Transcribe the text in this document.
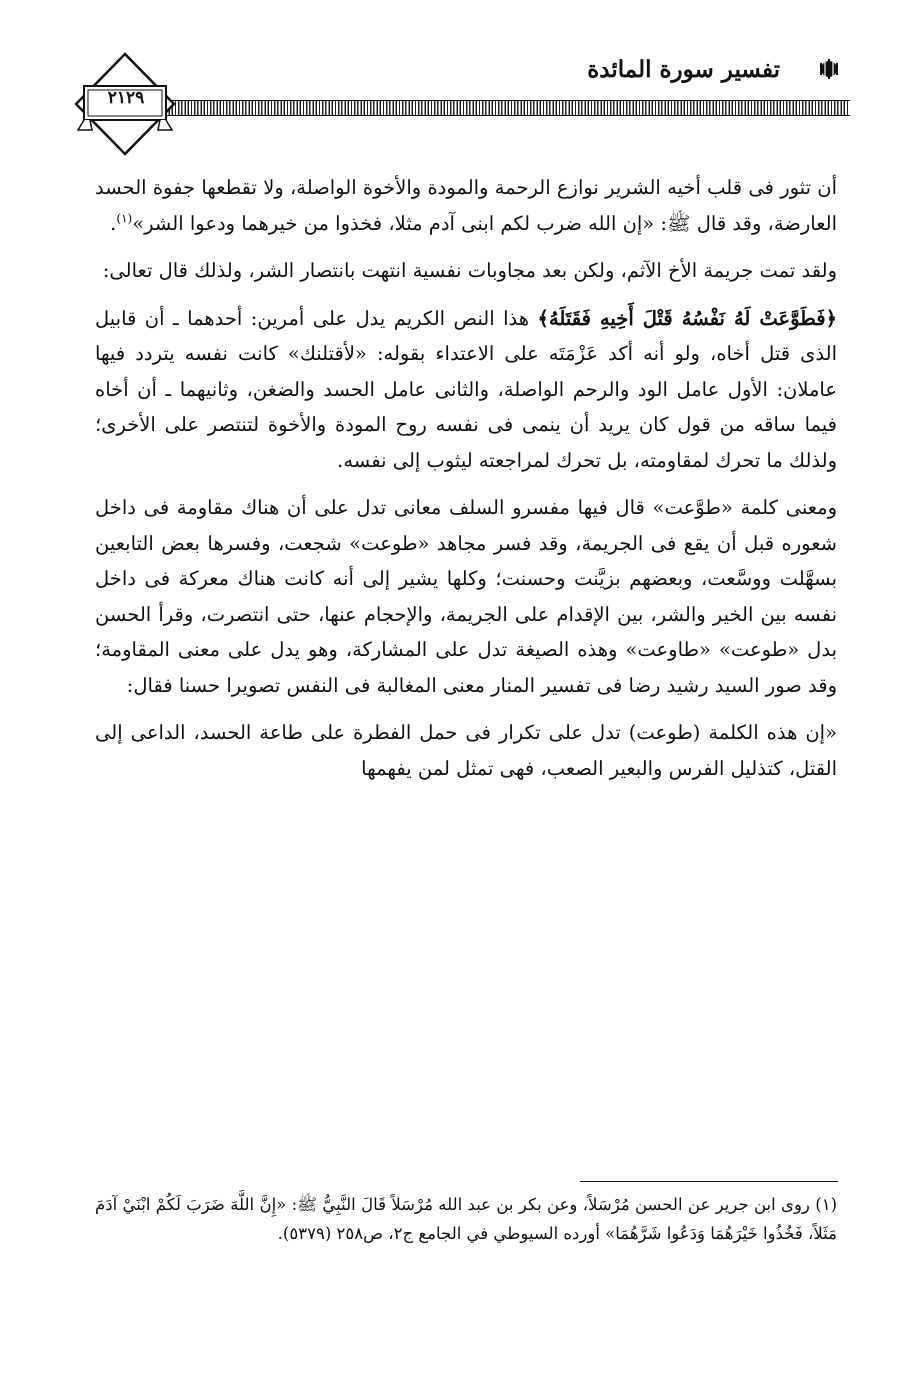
تفسير سورة المائدة
٢١٢٩

أن تثور فى قلب أخيه الشرير نوازع الرحمة والمودة والأخوة الواصلة، ولا تقطعها جفوة الحسد العارضة، وقد قال ﷺ: «إن الله ضرب لكم ابنى آدم مثلا، فخذوا من خيرهما ودعوا الشر»$^{(١)}$.

ولقد تمت جريمة الأخ الآثم، ولكن بعد مجاوبات نفسية انتهت بانتصار الشر، ولذلك قال تعالى:

﴿فَطَوَّعَتْ لَهُ نَفْسُهُ قَتْلَ أَخِيهِ فَقَتَلَهُ﴾ هذا النص الكريم يدل على أمرين: أحدهما ـ أن قابيل الذى قتل أخاه، ولو أنه أكد عَزْمَتَه على الاعتداء بقوله: «لأقتلنك» كانت نفسه يتردد فيها عاملان: الأول عامل الود والرحم الواصلة، والثانى عامل الحسد والضغن، وثانيهما ـ أن أخاه فيما ساقه من قول كان يريد أن ينمى فى نفسه روح المودة والأخوة لتنتصر على الأخرى؛ ولذلك ما تحرك لمقاومته، بل تحرك لمراجعته ليثوب إلى نفسه.

ومعنى كلمة «طوَّعت» قال فيها مفسرو السلف معانى تدل على أن هناك مقاومة فى داخل شعوره قبل أن يقع فى الجريمة، وقد فسر مجاهد «طوعت» شجعت، وفسرها بعض التابعين بسهَّلت ووسَّعت، وبعضهم بزيَّنت وحسنت؛ وكلها يشير إلى أنه كانت هناك معركة فى داخل نفسه بين الخير والشر، بين الإقدام على الجريمة، والإحجام عنها، حتى انتصرت، وقرأ الحسن بدل «طوعت» «طاوعت» وهذه الصيغة تدل على المشاركة، وهو يدل على معنى المقاومة؛ وقد صور السيد رشيد رضا فى تفسير المنار معنى المغالبة فى النفس تصويرا حسنا فقال:

«إن هذه الكلمة (طوعت) تدل على تكرار فى حمل الفطرة على طاعة الحسد، الداعى إلى القتل، كتذليل الفرس والبعير الصعب، فهى تمثل لمن يفهمها

(١) روى ابن جرير عن الحسن مُرْسَلاً، وعن بكر بن عبد الله مُرْسَلاً قَالَ النَّبِيُّ ﷺ: «إِنَّ اللَّهَ ضَرَبَ لَكُمْ ابْنَيْ آدَمَ مَثَلاً، فَخُذُوا خَيْرَهُمَا وَدَعُوا شَرَّهُمَا» أورده السيوطي في الجامع ج٢، ص٢٥٨ (٥٣٧٩).
